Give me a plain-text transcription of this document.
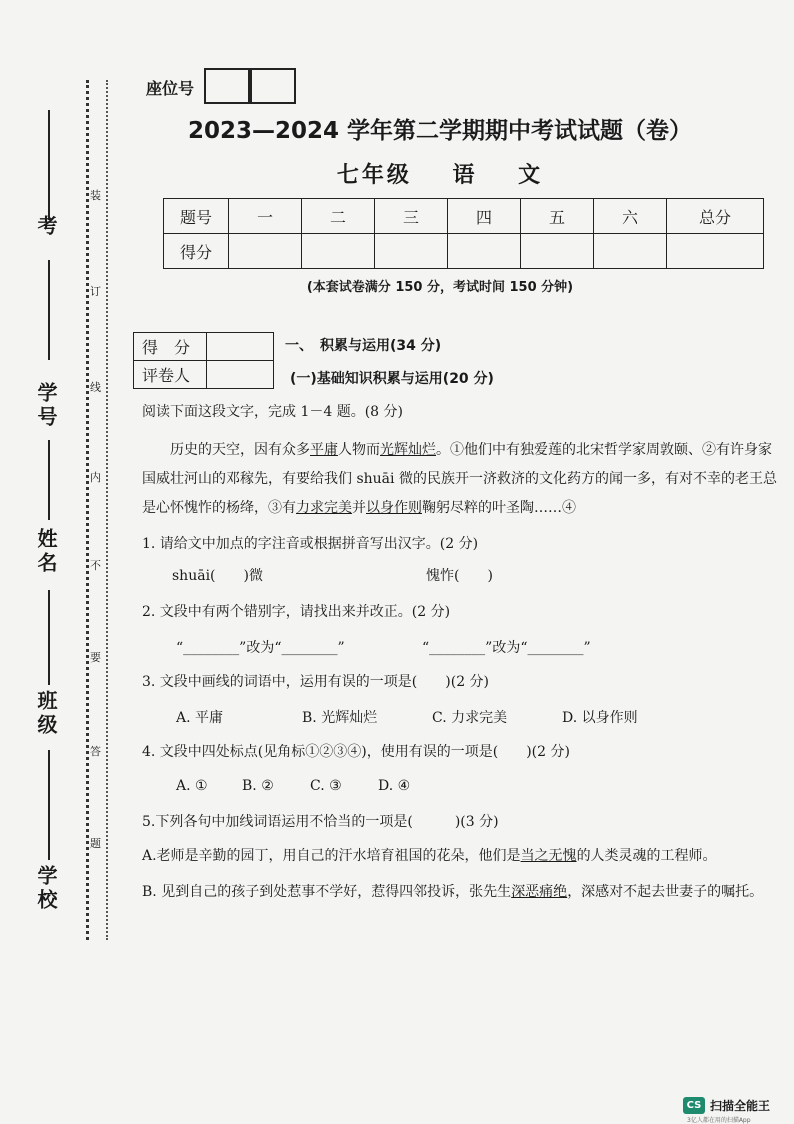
考
学号
姓名
班级
学校
装
订
线
内
不
要
答
题
座位号
2023—2024 学年第二学期期中考试试题（卷）
七年级 语 文
题号	一	二	三	四	五	六	总分
得分							
(本套试卷满分 150 分，考试时间 150 分钟)
得　分	
评卷人	
一、　积累与运用(34 分)
(一)基础知识积累与运用(20 分)
阅读下面这段文字，完成 1－4 题。(8 分)
历史的天空，因有众多平庸人物而光辉灿烂。①他们中有独爱莲的北宋哲学家周敦颐、②有许身家国威壮河山的邓稼先，有要给我们 shuāi 微的民族开一济救济的文化药方的闻一多，有对不幸的老王总是心怀愧怍的杨绛，③有力求完美并以身作则鞠躬尽粹的叶圣陶……④
1. 请给文中加点的字注音或根据拼音写出汉字。(2 分)
shuāi(　　)微	愧怍(　　)
2. 文段中有两个错别字，请找出来并改正。(2 分)
“________”改为“________”	“________”改为“________”
3. 文段中画线的词语中，运用有误的一项是(　　)(2 分)
A. 平庸	B. 光辉灿烂	C. 力求完美	D. 以身作则
4. 文段中四处标点(见角标①②③④)，使用有误的一项是(　　)(2 分)
A. ① B. ②	C. ③	D. ④
5.下列各句中加线词语运用不恰当的一项是(　　　)(3 分)
A.老师是辛勤的园丁，用自己的汗水培育祖国的花朵，他们是当之无愧的人类灵魂的工程师。
B. 见到自己的孩子到处惹事不学好，惹得四邻投诉，张先生深恶痛绝，深感对不起去世妻子的嘱托。
CS 扫描全能王
3亿人都在用的扫描App
